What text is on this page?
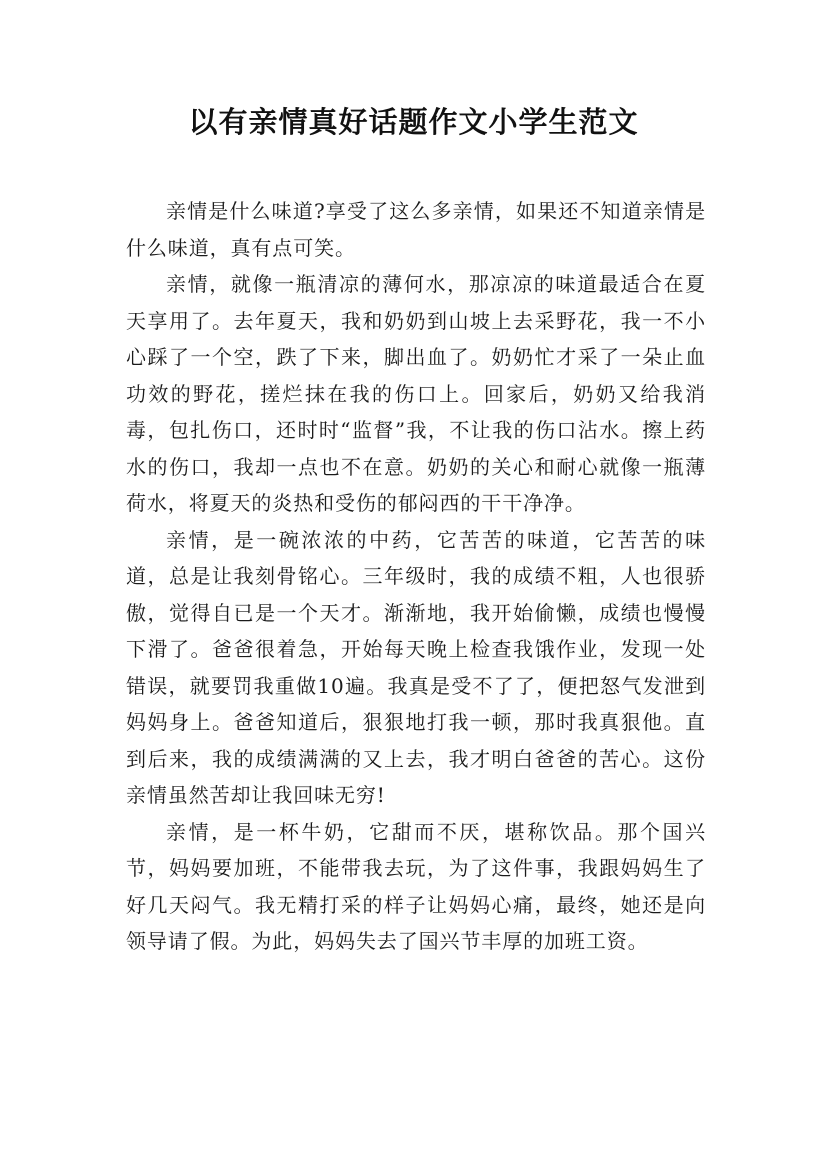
以有亲情真好话题作文小学生范文

亲情是什么味道?享受了这么多亲情，如果还不知道亲情是什么味道，真有点可笑。

亲情，就像一瓶清凉的薄何水，那凉凉的味道最适合在夏天享用了。去年夏天，我和奶奶到山坡上去采野花，我一不小心踩了一个空，跌了下来，脚出血了。奶奶忙才采了一朵止血功效的野花，搓烂抹在我的伤口上。回家后，奶奶又给我消毒，包扎伤口，还时时“监督”我，不让我的伤口沾水。擦上药水的伤口，我却一点也不在意。奶奶的关心和耐心就像一瓶薄荷水，将夏天的炎热和受伤的郁闷西的干干净净。

亲情，是一碗浓浓的中药，它苦苦的味道，它苦苦的味道，总是让我刻骨铭心。三年级时，我的成绩不粗，人也很骄傲，觉得自已是一个天才。渐渐地，我开始偷懒，成绩也慢慢下滑了。爸爸很着急，开始每天晚上检查我饿作业，发现一处错误，就要罚我重做10遍。我真是受不了了，便把怒气发泄到妈妈身上。爸爸知道后，狠狠地打我一顿，那时我真狠他。直到后来，我的成绩满满的又上去，我才明白爸爸的苦心。这份亲情虽然苦却让我回味无穷!

亲情，是一杯牛奶，它甜而不厌，堪称饮品。那个国兴节，妈妈要加班，不能带我去玩，为了这件事，我跟妈妈生了好几天闷气。我无精打采的样子让妈妈心痛，最终，她还是向领导请了假。为此，妈妈失去了国兴节丰厚的加班工资。
